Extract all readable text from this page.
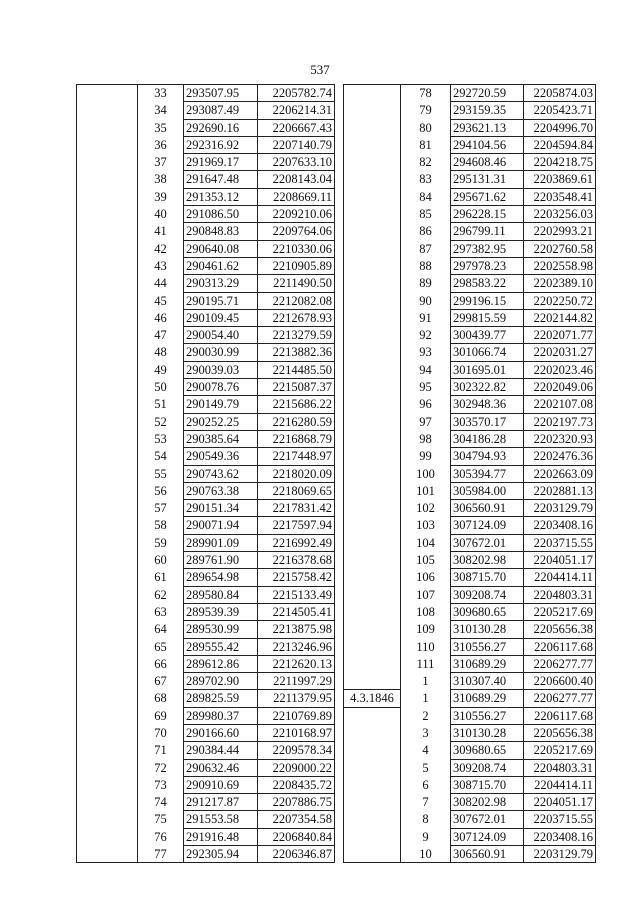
537
	33	293507.95	2205782.74
	34	293087.49	2206214.31
	35	292690.16	2206667.43
	36	292316.92	2207140.79
	37	291969.17	2207633.10
	38	291647.48	2208143.04
	39	291353.12	2208669.11
	40	291086.50	2209210.06
	41	290848.83	2209764.06
	42	290640.08	2210330.06
	43	290461.62	2210905.89
	44	290313.29	2211490.50
	45	290195.71	2212082.08
	46	290109.45	2212678.93
	47	290054.40	2213279.59
	48	290030.99	2213882.36
	49	290039.03	2214485.50
	50	290078.76	2215087.37
	51	290149.79	2215686.22
	52	290252.25	2216280.59
	53	290385.64	2216868.79
	54	290549.36	2217448.97
	55	290743.62	2218020.09
	56	290763.38	2218069.65
	57	290151.34	2217831.42
	58	290071.94	2217597.94
	59	289901.09	2216992.49
	60	289761.90	2216378.68
	61	289654.98	2215758.42
	62	289580.84	2215133.49
	63	289539.39	2214505.41
	64	289530.99	2213875.98
	65	289555.42	2213246.96
	66	289612.86	2212620.13
	67	289702.90	2211997.29
	68	289825.59	2211379.95
	69	289980.37	2210769.89
	70	290166.60	2210168.97
	71	290384.44	2209578.34
	72	290632.46	2209000.22
	73	290910.69	2208435.72
	74	291217.87	2207886.75
	75	291553.58	2207354.58
	76	291916.48	2206840.84
	77	292305.94	2206346.87
	78	292720.59	2205874.03
	79	293159.35	2205423.71
	80	293621.13	2204996.70
	81	294104.56	2204594.84
	82	294608.46	2204218.75
	83	295131.31	2203869.61
	84	295671.62	2203548.41
	85	296228.15	2203256.03
	86	296799.11	2202993.21
	87	297382.95	2202760.58
	88	297978.23	2202558.98
	89	298583.22	2202389.10
	90	299196.15	2202250.72
	91	299815.59	2202144.82
	92	300439.77	2202071.77
	93	301066.74	2202031.27
	94	301695.01	2202023.46
	95	302322.82	2202049.06
	96	302948.36	2202107.08
	97	303570.17	2202197.73
	98	304186.28	2202320.93
	99	304794.93	2202476.36
	100	305394.77	2202663.09
	101	305984.00	2202881.13
	102	306560.91	2203129.79
	103	307124.09	2203408.16
	104	307672.01	2203715.55
	105	308202.98	2204051.17
	106	308715.70	2204414.11
	107	309208.74	2204803.31
	108	309680.65	2205217.69
	109	310130.28	2205656.38
	110	310556.27	2206117.68
	111	310689.29	2206277.77
	1	310307.40	2206600.40
4.3.1846	1	310689.29	2206277.77
	2	310556.27	2206117.68
	3	310130.28	2205656.38
	4	309680.65	2205217.69
	5	309208.74	2204803.31
	6	308715.70	2204414.11
	7	308202.98	2204051.17
	8	307672.01	2203715.55
	9	307124.09	2203408.16
	10	306560.91	2203129.79
